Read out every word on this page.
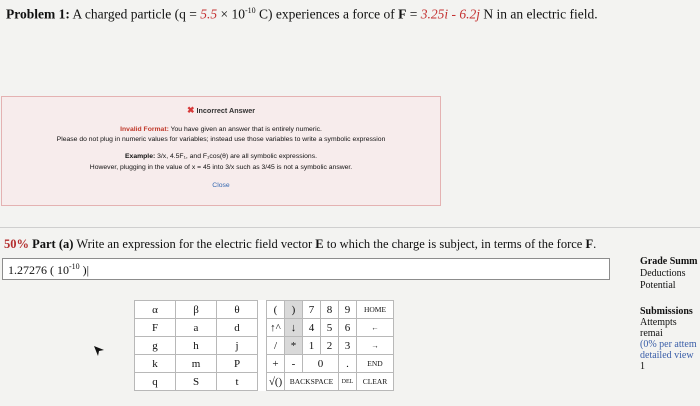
Problem 1: A charged particle ($q = 5.5 \times 10^{-10}$ C) experiences a force of F = 3.25i - 6.2j N in an electric field.
✖ Incorrect Answer
Invalid Format: You have given an answer that is entirely numeric.
Please do not plug in numeric values for variables; instead use those variables to write a symbolic expression
Example: 3/x, 4.5F₁, and F₁cos(θ) are all symbolic expressions.
However, plugging in the value of x = 45 into 3/x such as 3/45 is not a symbolic answer.
Close
50% Part (a) Write an expression for the electric field vector E to which the charge is subject, in terms of the force F.
1.27276 ( $10^{-10}$ )|
Grade Summ
Deductions
Potential
Submissions
Attempts remai
(0% per attem
detailed view
1
α	β	θ		(	)	7	8	9	HOME
F	a	d		↑^	↓	4	5	6	←
g	h	j		/	*	1	2	3	→
k	m	P		+	-	0		.	END
q	S	t		√()	BACKSPACE			DEL	CLEAR
